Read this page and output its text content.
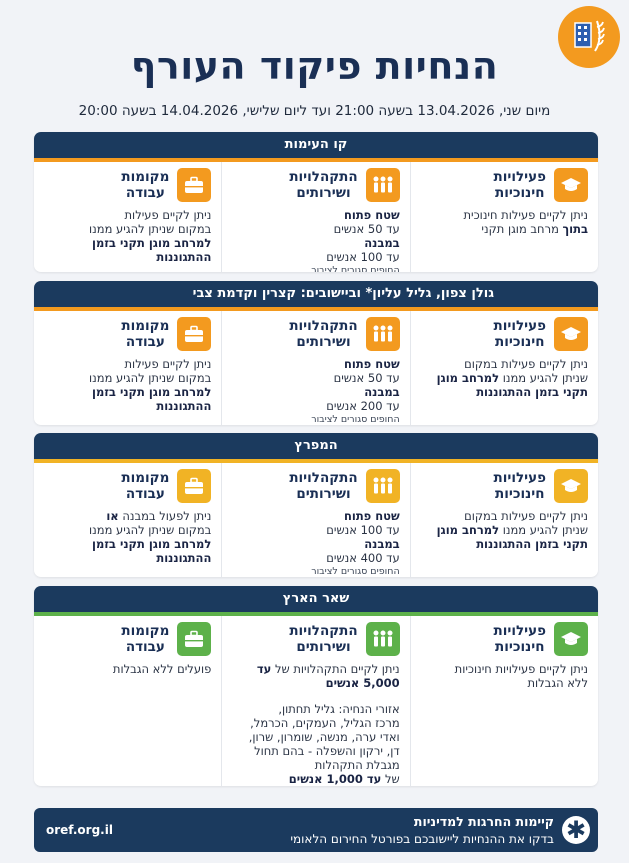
הנחיות פיקוד העורף
מיום שני, 13.04.2026 בשעה 21:00 ועד ליום שלישי, 14.04.2026 בשעה 20:00
קו העימות
פעילויות
חינוכיות
ניתן לקיים פעילות חינוכית
בתוך מרחב מוגן תקני
התקהלויות
ושירותים
שטח פתוח
עד 50 אנשים
במבנה
עד 100 אנשים
החופים סגורים לציבור
מקומות
עבודה
ניתן לקיים פעילות
במקום שניתן להגיע ממנו
למרחב מוגן תקני בזמן
ההתגוננות
גולן צפון, גליל עליון* וביישובים: קצרין וקדמת צבי
פעילויות
חינוכיות
ניתן לקיים פעילות במקום
שניתן להגיע ממנו למרחב מוגן
תקני בזמן ההתגוננות
התקהלויות
ושירותים
שטח פתוח
עד 50 אנשים
במבנה
עד 200 אנשים
החופים סגורים לציבור
מקומות
עבודה
ניתן לקיים פעילות
במקום שניתן להגיע ממנו
למרחב מוגן תקני בזמן
ההתגוננות
המפרץ
פעילויות
חינוכיות
ניתן לקיים פעילות במקום
שניתן להגיע ממנו למרחב מוגן
תקני בזמן ההתגוננות
התקהלויות
ושירותים
שטח פתוח
עד 100 אנשים
במבנה
עד 400 אנשים
החופים סגורים לציבור
מקומות
עבודה
ניתן לפעול במבנה או
במקום שניתן להגיע ממנו
למרחב מוגן תקני בזמן
ההתגוננות
שאר הארץ
פעילויות
חינוכיות
ניתן לקיים פעילויות חינוכיות
ללא הגבלות
התקהלויות
ושירותים
ניתן לקיים התקהלויות של עד
5,000 אנשים
אזורי הנחיה: גליל תחתון,
מרכז הגליל, העמקים, הכרמל,
ואדי ערה, מנשה, שומרון, שרון,
דן, ירקון והשפלה - בהם תחול
מגבלת התקהלות
של עד 1,000 אנשים
מקומות
עבודה
פועלים ללא הגבלות
✱
קיימות החרגות למדיניות
בדקו את ההנחיות ליישובכם בפורטל החירום הלאומי
oref.org.il
